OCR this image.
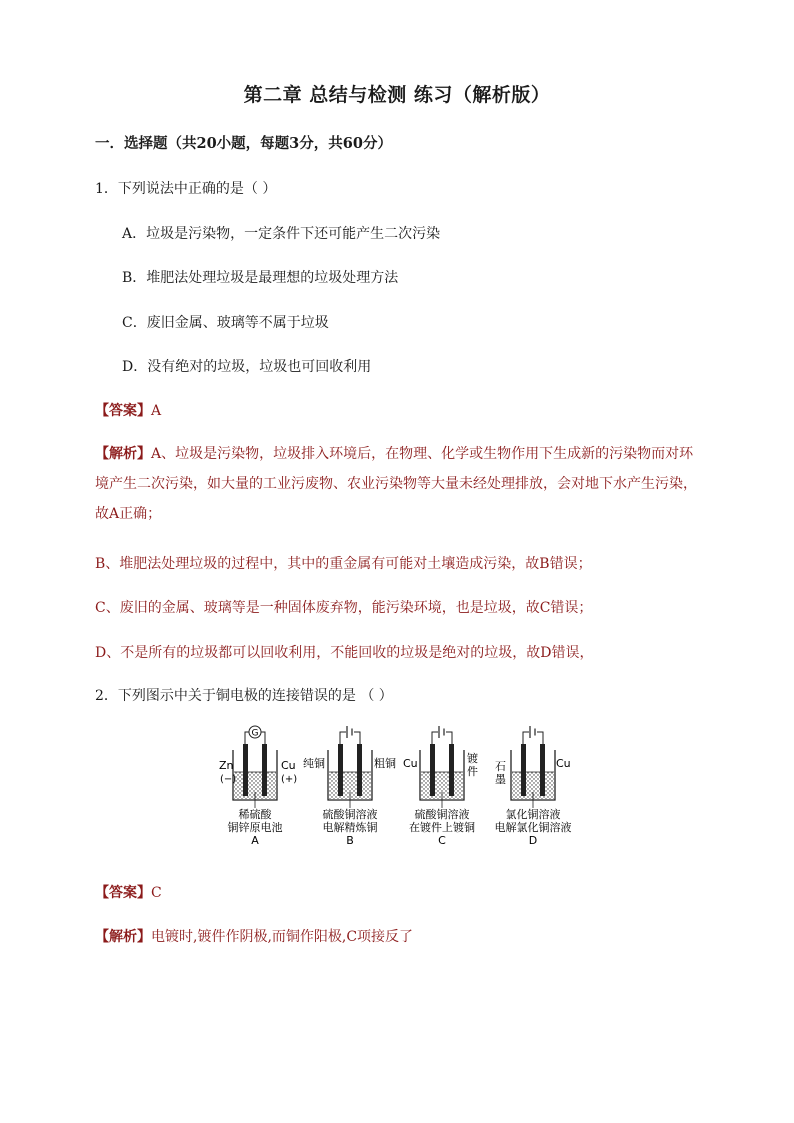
第二章 总结与检测 练习（解析版）
一．选择题（共20小题，每题3分，共60分）
1．下列说法中正确的是（ ）
A．垃圾是污染物，一定条件下还可能产生二次污染
B．堆肥法处理垃圾是最理想的垃圾处理方法
C．废旧金属、玻璃等不属于垃圾
D．没有绝对的垃圾，垃圾也可回收利用
【答案】A
【解析】A、垃圾是污染物，垃圾排入环境后，在物理、化学或生物作用下生成新的污染物而对环境产生二次污染，如大量的工业污废物、农业污染物等大量未经处理排放，会对地下水产生污染，故A正确；
B、堆肥法处理垃圾的过程中，其中的重金属有可能对土壤造成污染，故B错误；
C、废旧的金属、玻璃等是一种固体废弃物，能污染环境，也是垃圾，故C错误；
D、不是所有的垃圾都可以回收利用，不能回收的垃圾是绝对的垃圾，故D错误，
2．下列图示中关于铜电极的连接错误的是 （ ）
G
Zn
(−)
Cu
(+)
稀硫酸
铜锌原电池
A
纯铜	粗铜
硫酸铜溶液
电解精炼铜
B
Cu	镀
件
硫酸铜溶液
在镀件上镀铜
C
石
墨
Cu
氯化铜溶液
电解氯化铜溶液
D
【答案】C
【解析】电镀时,镀件作阴极,而铜作阳极,C项接反了
